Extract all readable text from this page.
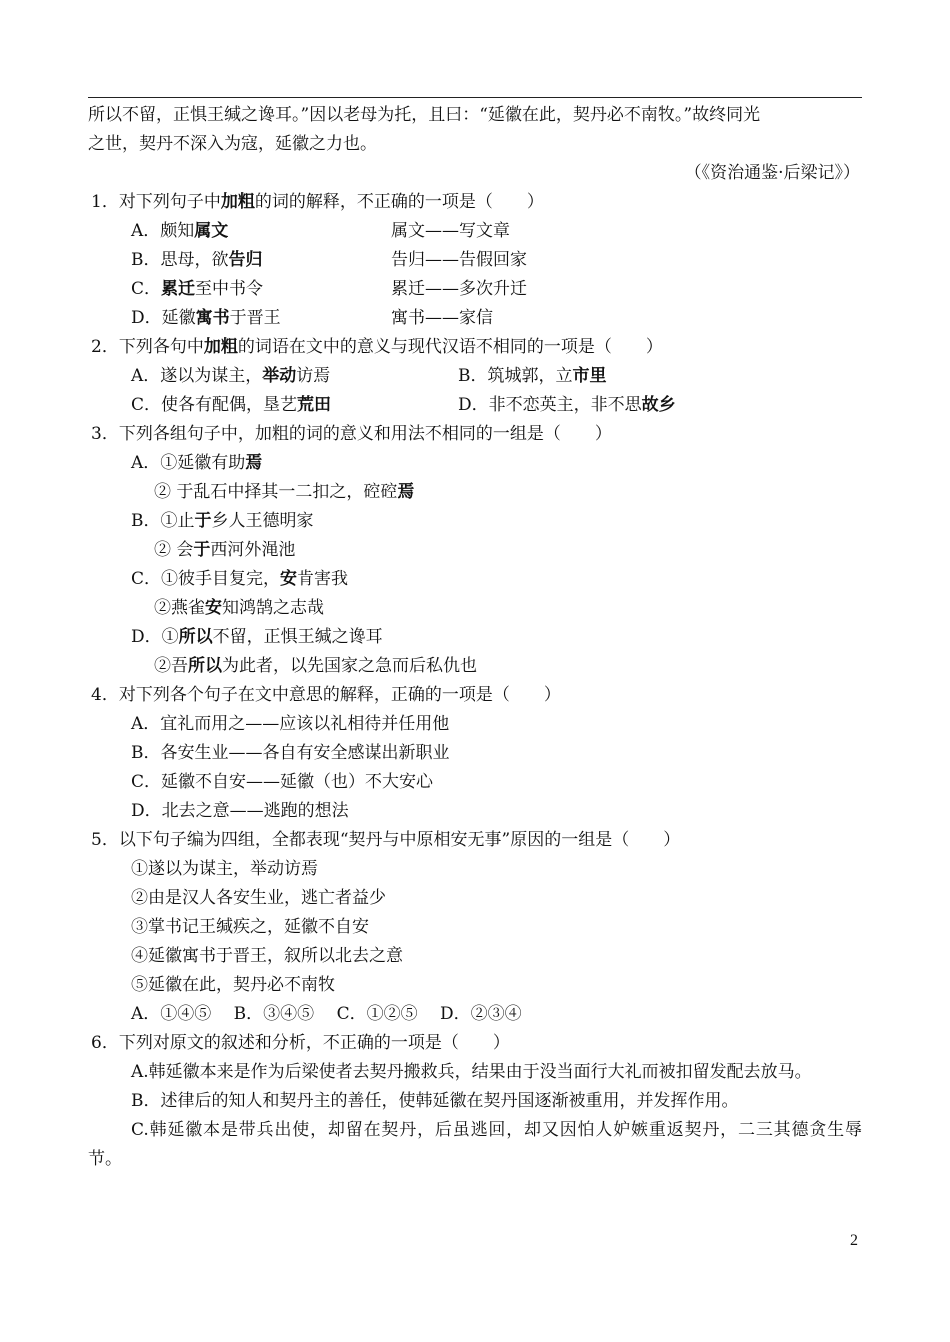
所以不留，正惧王缄之谗耳。”因以老母为托，且曰：“延徽在此，契丹必不南牧。”故终同光
之世，契丹不深入为寇，延徽之力也。
（《资治通鉴·后梁记》）
1．对下列句子中加粗的词的解释，不正确的一项是（　　）
A．颇知属文	属文——写文章
B．思母，欲告归	告归——告假回家
C．累迁至中书令	累迁——多次升迁
D．延徽寓书于晋王	寓书——家信
2．下列各句中加粗的词语在文中的意义与现代汉语不相同的一项是（　　）
A．遂以为谋主，举动访焉	B．筑城郭，立市里
C．使各有配偶，垦艺荒田	D．非不恋英主，非不思故乡
3．下列各组句子中，加粗的词的意义和用法不相同的一组是（　　）
A．①延徽有助焉
② 于乱石中择其一二扣之，硿硿焉
B．①止于乡人王德明家
② 会于西河外渑池
C．①彼手目复完，安肯害我
②燕雀安知鸿鹄之志哉
D．①所以不留，正惧王缄之谗耳
②吾所以为此者，以先国家之急而后私仇也
4．对下列各个句子在文中意思的解释，正确的一项是（　　）
A．宜礼而用之——应该以礼相待并任用他
B．各安生业——各自有安全感谋出新职业
C．延徽不自安——延徽（也）不大安心
D．北去之意——逃跑的想法
5．以下句子编为四组，全都表现“契丹与中原相安无事”原因的一组是（　　）
①遂以为谋主，举动访焉
②由是汉人各安生业，逃亡者益少
③掌书记王缄疾之，延徽不自安
④延徽寓书于晋王，叙所以北去之意
⑤延徽在此，契丹必不南牧
A．①④⑤　 B．③④⑤　 C．①②⑤　 D．②③④
6．下列对原文的叙述和分析，不正确的一项是（　　）
A.韩延徽本来是作为后梁使者去契丹搬救兵，结果由于没当面行大礼而被扣留发配去放马。
B．述律后的知人和契丹主的善任，使韩延徽在契丹国逐渐被重用，并发挥作用。
C.韩延徽本是带兵出使，却留在契丹，后虽逃回，却又因怕人妒嫉重返契丹，二三其德贪生辱节。
2
